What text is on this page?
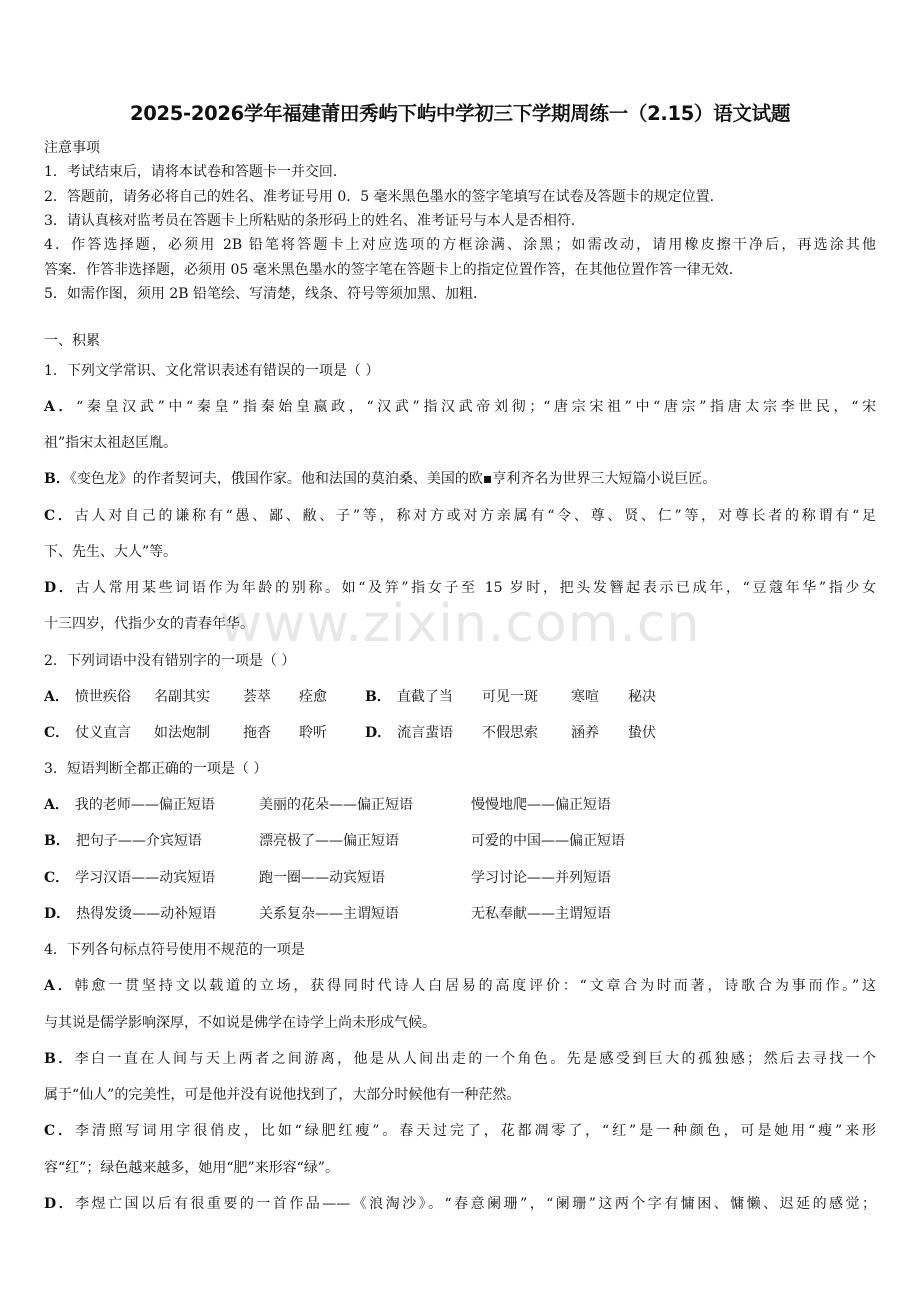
2025-2026学年福建莆田秀屿下屿中学初三下学期周练一（2.15）语文试题
注意事项
1．考试结束后，请将本试卷和答题卡一并交回．
2．答题前，请务必将自己的姓名、准考证号用 0．5 毫米黑色墨水的签字笔填写在试卷及答题卡的规定位置．
3．请认真核对监考员在答题卡上所粘贴的条形码上的姓名、准考证号与本人是否相符．
4．作答选择题，必须用 2B 铅笔将答题卡上对应选项的方框涂满、涂黑；如需改动，请用橡皮擦干净后，再选涂其他
答案．作答非选择题，必须用 05 毫米黑色墨水的签字笔在答题卡上的指定位置作答，在其他位置作答一律无效．
5．如需作图，须用 2B 铅笔绘、写清楚，线条、符号等须加黑、加粗．
一、积累
1．下列文学常识、文化常识表述有错误的一项是（ ）
A．“秦皇汉武”中“秦皇”指秦始皇嬴政，“汉武”指汉武帝刘彻；“唐宗宋祖”中“唐宗”指唐太宗李世民，“宋
祖”指宋太祖赵匡胤。
B．《变色龙》的作者契诃夫，俄国作家。他和法国的莫泊桑、美国的欧▪亨利齐名为世界三大短篇小说巨匠。
C．古人对自己的谦称有“愚、鄙、敝、子”等，称对方或对方亲属有“令、尊、贤、仁”等，对尊长者的称谓有“足
下、先生、大人”等。
D．古人常用某些词语作为年龄的别称。如“及笄”指女子至 15 岁时，把头发簪起表示已成年，“豆蔻年华”指少女
十三四岁，代指少女的青春年华。
2．下列词语中没有错别字的一项是（ ）
A． 愤世疾俗 名副其实 荟萃 痊愈	B． 直截了当 可见一斑 寒喧 秘决
C． 仗义直言 如法炮制 拖沓 聆听	D． 流言蜚语 不假思索 涵养 蛰伏
3．短语判断全都正确的一项是（ ）
A． 我的老师——偏正短语	美丽的花朵——偏正短语	慢慢地爬——偏正短语
B． 把句子——介宾短语	漂亮极了——偏正短语	可爱的中国——偏正短语
C． 学习汉语——动宾短语	跑一圈——动宾短语	学习讨论——并列短语
D． 热得发烫——动补短语	关系复杂——主谓短语	无私奉献——主谓短语
4．下列各句标点符号使用不规范的一项是
A．韩愈一贯坚持文以载道的立场，获得同时代诗人白居易的高度评价：“文章合为时而著，诗歌合为事而作。”这
与其说是儒学影响深厚，不如说是佛学在诗学上尚未形成气候。
B．李白一直在人间与天上两者之间游离，他是从人间出走的一个角色。先是感受到巨大的孤独感；然后去寻找一个
属于“仙人”的完美性，可是他并没有说他找到了，大部分时候他有一种茫然。
C．李清照写词用字很俏皮，比如“绿肥红瘦”。春天过完了，花都凋零了，“红”是一种颜色，可是她用“瘦”来形
容“红”；绿色越来越多，她用“肥”来形容“绿”。
D．李煜亡国以后有很重要的一首作品——《浪淘沙》。“春意阑珊”，“阑珊”这两个字有慵困、慵懒、迟延的感觉；
www.zixin.com.cn
